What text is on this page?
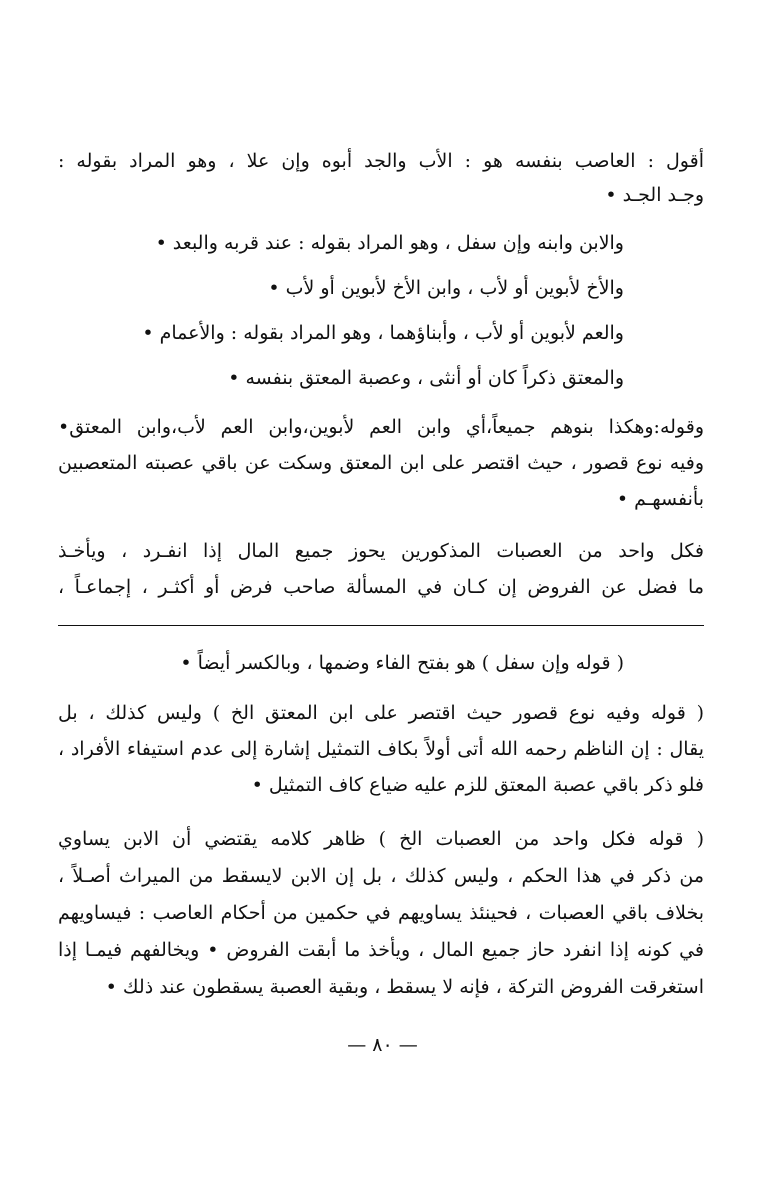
أقول : العاصب بنفسه هو : الأب والجد أبوه وإن علا ، وهو المراد بقوله :
وجـد الجـد •
والابن وابنه وإن سفل ، وهو المراد بقوله : عند قربه والبعد •
والأخ لأبوين أو لأب ، وابن الأخ لأبوين أو لأب •
والعم لأبوين أو لأب ، وأبناؤهما ، وهو المراد بقوله : والأعمام •
والمعتق ذكراً كان أو أنثى ، وعصبة المعتق بنفسه •
وقوله:وهكذا بنوهم جميعاً،أي وابن العم لأبوين،وابن العم لأب،وابن المعتق•
وفيه نوع قصور ، حيث اقتصر على ابن المعتق وسكت عن باقي عصبته المتعصبين
بأنفسهـم •
فكل واحد من العصبات المذكورين يحوز جميع المال إذا انفـرد ، ويأخـذ
ما فضل عن الفروض إن كـان في المسألة صاحب فرض أو أكثـر ، إجماعـاً ،
( قوله وإن سفل ) هو بفتح الفاء وضمها ، وبالكسر أيضاً •
( قوله وفيه نوع قصور حيث اقتصر على ابن المعتق الخ ) وليس كذلك ، بل
يقال : إن الناظم رحمه الله أتى أولاً بكاف التمثيل إشارة إلى عدم استيفاء الأفراد ،
فلو ذكر باقي عصبة المعتق للزم عليه ضياع كاف التمثيل •
( قوله فكل واحد من العصبات الخ ) ظاهر كلامه يقتضي أن الابن يساوي
من ذكر في هذا الحكم ، وليس كذلك ، بل إن الابن لايسقط من الميراث أصـلاً ،
بخلاف باقي العصبات ، فحينئذ يساويهم في حكمين من أحكام العاصب : فيساويهم
في كونه إذا انفرد حاز جميع المال ، ويأخذ ما أبقت الفروض • ويخالفهم فيمـا إذا
استغرقت الفروض التركة ، فإنه لا يسقط ، وبقية العصبة يسقطون عند ذلك •
— ٨٠ —
